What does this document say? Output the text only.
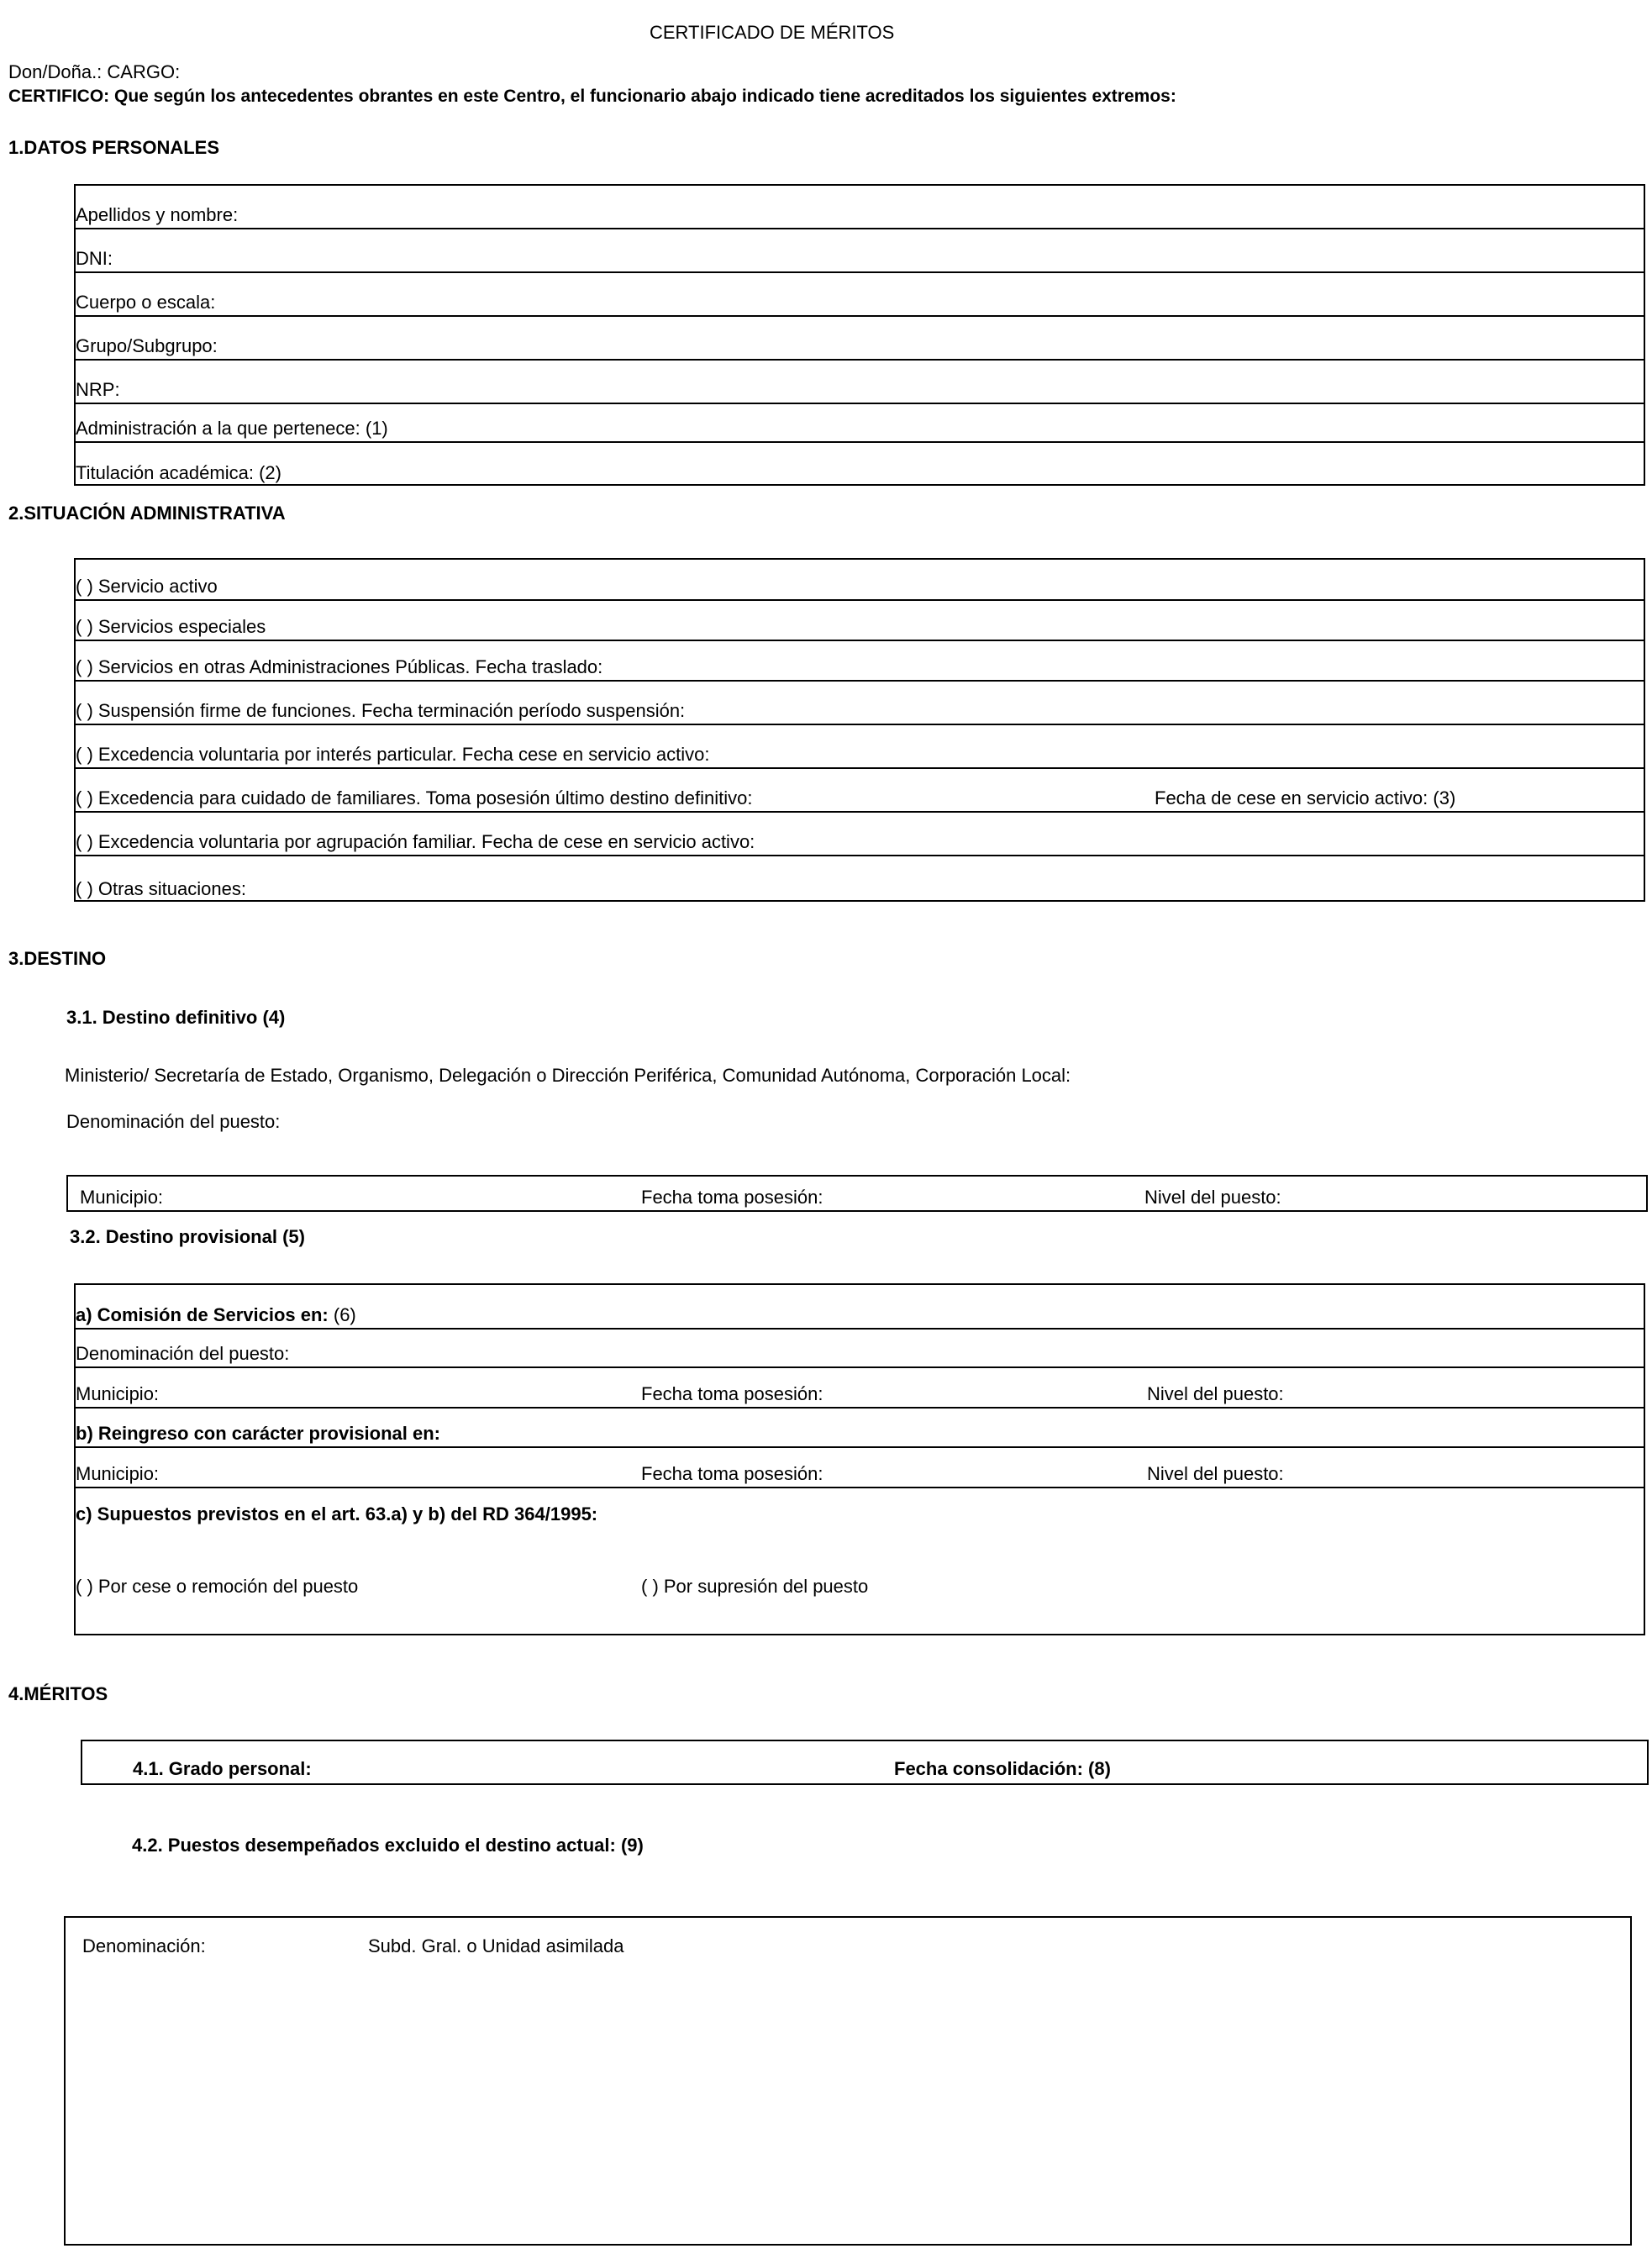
CERTIFICADO DE MÉRITOS
Don/Doña.: CARGO:
CERTIFICO: Que según los antecedentes obrantes en este Centro, el funcionario abajo indicado tiene acreditados los siguientes extremos:
1.DATOS PERSONALES
Apellidos y nombre:
DNI:
Cuerpo o escala:
Grupo/Subgrupo:
NRP:
Administración a la que pertenece: (1)
Titulación académica: (2)
2.SITUACIÓN ADMINISTRATIVA
( ) Servicio activo
( ) Servicios especiales
( ) Servicios en otras Administraciones Públicas. Fecha traslado:
( ) Suspensión firme de funciones. Fecha terminación período suspensión:
( ) Excedencia voluntaria por interés particular. Fecha cese en servicio activo:
( ) Excedencia para cuidado de familiares. Toma posesión último destino definitivo:	Fecha de cese en servicio activo: (3)
( ) Excedencia voluntaria por agrupación familiar. Fecha de cese en servicio activo:
( ) Otras situaciones:
3.DESTINO
3.1. Destino definitivo (4)
Ministerio/ Secretaría de Estado, Organismo, Delegación o Dirección Periférica, Comunidad Autónoma, Corporación Local:
Denominación del puesto:
Municipio:	Fecha toma posesión:	Nivel del puesto:
3.2. Destino provisional (5)
a) Comisión de Servicios en: (6)
Denominación del puesto:
Municipio:	Fecha toma posesión:	Nivel del puesto:
b) Reingreso con carácter provisional en:
Municipio:	Fecha toma posesión:	Nivel del puesto:
c) Supuestos previstos en el art. 63.a) y b) del RD 364/1995:
( ) Por cese o remoción del puesto	( ) Por supresión del puesto
4.MÉRITOS
4.1. Grado personal:	Fecha consolidación: (8)
4.2. Puestos desempeñados excluido el destino actual: (9)
Denominación:	Subd. Gral. o Unidad asimilada
